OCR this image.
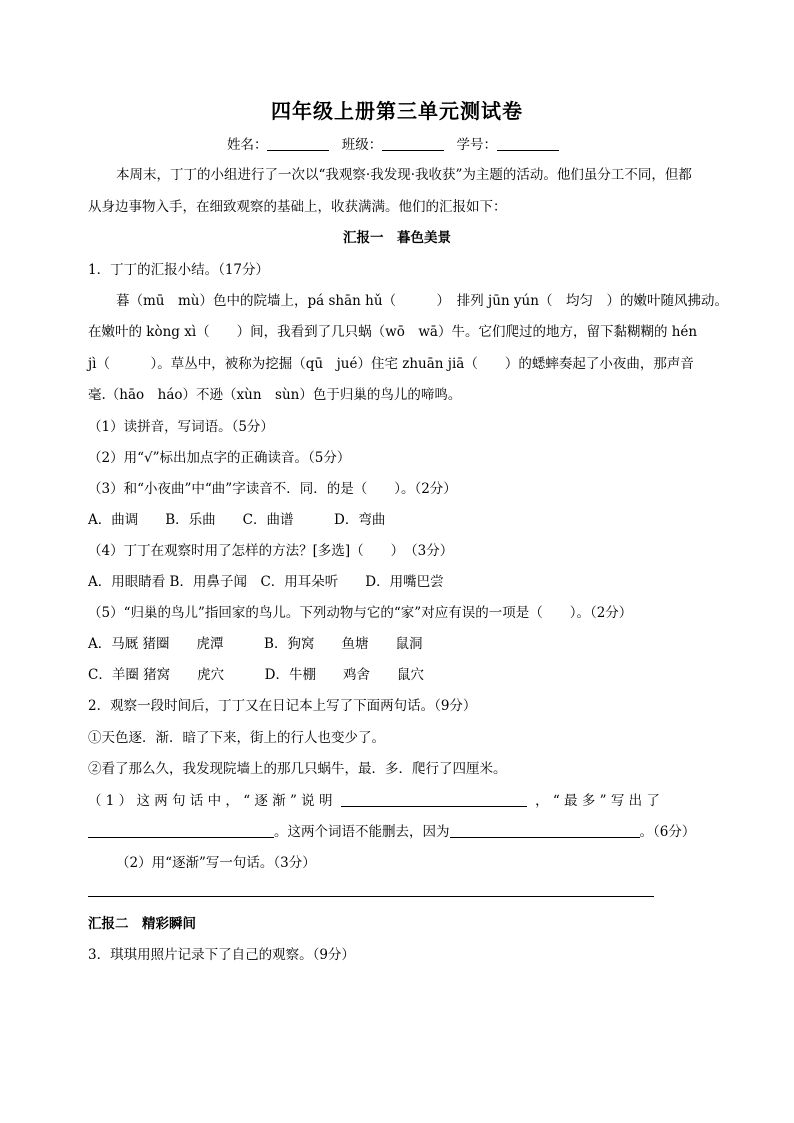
四年级上册第三单元测试卷
姓名：	班级：	学号：
本周末，丁丁的小组进行了一次以“我观察·我发现·我收获”为主题的活动。他们虽分工不同，但都
从身边事物入手，在细致观察的基础上，收获满满。他们的汇报如下：
汇报一　暮色美景
1．丁丁的汇报小结。（17分）
暮（mū　mù）色中的院墙上，pá shān hǔ（　　　）　排列 jūn yún（　均匀　）的嫩叶随风拂动。
在嫩叶的 kòng xì（　　）间，我看到了几只蜗（wō　wā）牛。它们爬过的地方，留下黏糊糊的 hén
jì（　　　）。草丛中，被称为挖掘（qū　jué）住宅 zhuān jiā（　　）的蟋蟀奏起了小夜曲，那声音
毫.（hāo　háo）不逊（xùn　sùn）色于归巢的鸟儿的啼鸣。
（1）读拼音，写词语。（5分）
（2）用“√”标出加点字的正确读音。（5分）
（3）和“小夜曲”中“曲”字读音不．同．的是（　　）。（2分）
A．曲调　　B．乐曲　　C．曲谱　　　D．弯曲
（4）丁丁在观察时用了怎样的方法？[多选]（　　）　（3分）
A．用眼睛看 B．用鼻子闻　C．用耳朵听　　D．用嘴巴尝
（5）“归巢的鸟儿”指回家的鸟儿。下列动物与它的“家”对应有误的一项是（　　）。（2分）
A．马厩 猪圈　　虎潭　　　B．狗窝　　鱼塘　　鼠洞
C．羊圈 猪窝　　虎穴　　　D．牛棚　　鸡舍　　鼠穴
2．观察一段时间后，丁丁又在日记本上写了下面两句话。（9分）
①天色逐．渐．暗了下来，街上的行人也变少了。
②看了那么久，我发现院墙上的那几只蜗牛，最．多．爬行了四厘米。
（ 1 ） 这 两 句 话 中 ， “ 逐 渐 ” 说 明	， “ 最 多 ” 写 出 了
。这两个词语不能删去，因为	。（6分）
（2）用“逐渐”写一句话。（3分）
汇报二　精彩瞬间
3．琪琪用照片记录下了自己的观察。（9分）
